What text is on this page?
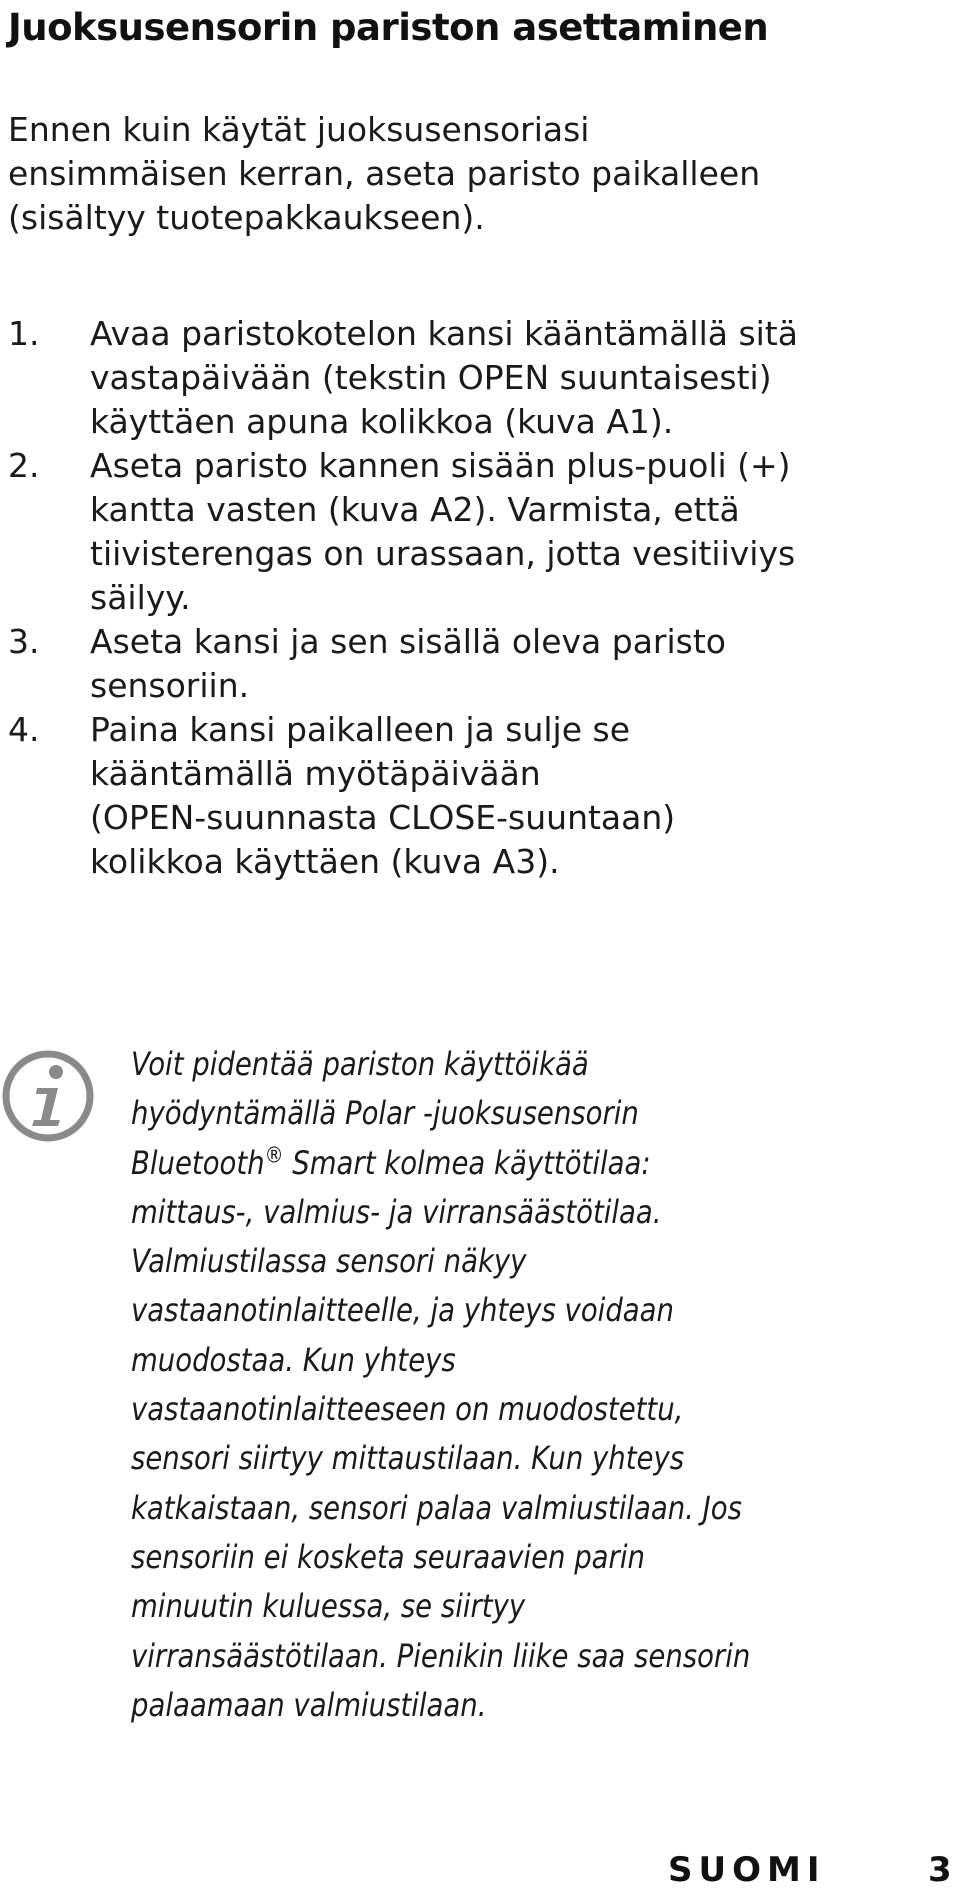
Juoksusensorin pariston asettaminen

Ennen kuin käytät juoksusensoriasi
ensimmäisen kerran, aseta paristo paikalleen
(sisältyy tuotepakkaukseen).

1. Avaa paristokotelon kansi kääntämällä sitä
vastapäivään (tekstin OPEN suuntaisesti)
käyttäen apuna kolikkoa (kuva A1).
2. Aseta paristo kannen sisään plus-puoli (+)
kantta vasten (kuva A2). Varmista, että
tiivisterengas on urassaan, jotta vesitiiviys
säilyy.
3. Aseta kansi ja sen sisällä oleva paristo
sensoriin.
4. Paina kansi paikalleen ja sulje se
kääntämällä myötäpäivään
(OPEN-suunnasta CLOSE-suuntaan)
kolikkoa käyttäen (kuva A3).

Voit pidentää pariston käyttöikää
hyödyntämällä Polar -juoksusensorin
Bluetooth® Smart kolmea käyttötilaa:
mittaus-, valmius- ja virransäästötilaa.
Valmiustilassa sensori näkyy
vastaanotinlaitteelle, ja yhteys voidaan
muodostaa. Kun yhteys
vastaanotinlaitteeseen on muodostettu,
sensori siirtyy mittaustilaan. Kun yhteys
katkaistaan, sensori palaa valmiustilaan. Jos
sensoriin ei kosketa seuraavien parin
minuutin kuluessa, se siirtyy
virransäästötilaan. Pienikin liike saa sensorin
palaamaan valmiustilaan.

SUOMI	3
